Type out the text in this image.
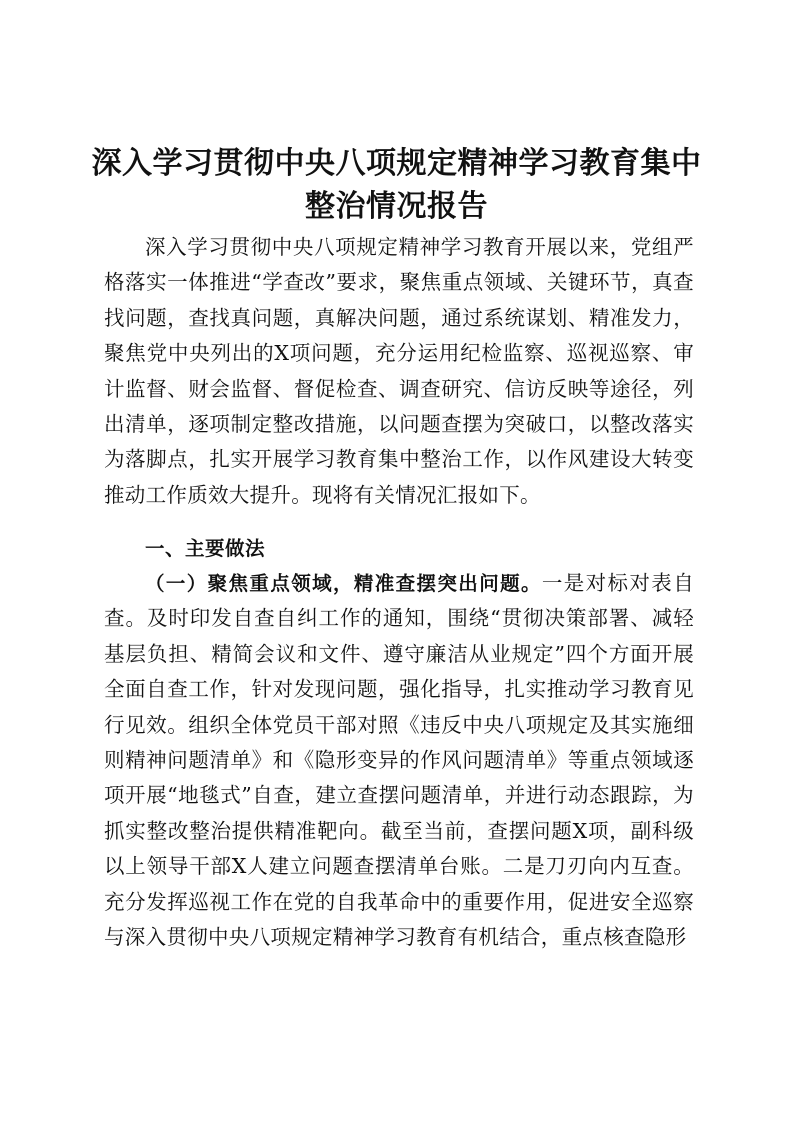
深入学习贯彻中央八项规定精神学习教育集中
整治情况报告

深入学习贯彻中央八项规定精神学习教育开展以来，党组严格落实一体推进“学查改”要求，聚焦重点领域、关键环节，真查找问题，查找真问题，真解决问题，通过系统谋划、精准发力，聚焦党中央列出的X项问题，充分运用纪检监察、巡视巡察、审计监督、财会监督、督促检查、调查研究、信访反映等途径，列出清单，逐项制定整改措施，以问题查摆为突破口，以整改落实为落脚点，扎实开展学习教育集中整治工作，以作风建设大转变推动工作质效大提升。现将有关情况汇报如下。

一、主要做法

（一）聚焦重点领域，精准查摆突出问题。一是对标对表自查。及时印发自查自纠工作的通知，围绕“贯彻决策部署、减轻基层负担、精简会议和文件、遵守廉洁从业规定”四个方面开展全面自查工作，针对发现问题，强化指导，扎实推动学习教育见行见效。组织全体党员干部对照《违反中央八项规定及其实施细则精神问题清单》和《隐形变异的作风问题清单》等重点领域逐项开展“地毯式”自查，建立查摆问题清单，并进行动态跟踪，为抓实整改整治提供精准靶向。截至当前，查摆问题X项，副科级以上领导干部X人建立问题查摆清单台账。二是刀刃向内互查。充分发挥巡视工作在党的自我革命中的重要作用，促进安全巡察与深入贯彻中央八项规定精神学习教育有机结合，重点核查隐形
